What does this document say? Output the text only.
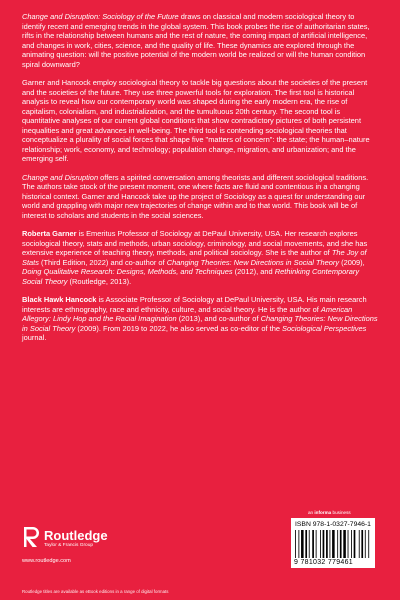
Change and Disruption: Sociology of the Future draws on classical and modern sociological theory to identify recent and emerging trends in the global system. This book probes the rise of authoritarian states, rifts in the relationship between humans and the rest of nature, the coming impact of artificial intelligence, and changes in work, cities, science, and the quality of life. These dynamics are explored through the animating question: will the positive potential of the modern world be realized or will the human condition spiral downward?

Garner and Hancock employ sociological theory to tackle big questions about the societies of the present and the societies of the future. They use three powerful tools for exploration. The first tool is historical analysis to reveal how our contemporary world was shaped during the early modern era, the rise of capitalism, colonialism, and industrialization, and the tumultuous 20th century. The second tool is quantitative analyses of our current global conditions that show contradictory pictures of both persistent inequalities and great advances in well-being. The third tool is contending sociological theories that conceptualize a plurality of social forces that shape five "matters of concern": the state; the human–nature relationship; work, economy, and technology; population change, migration, and urbanization; and the emerging self.

Change and Disruption offers a spirited conversation among theorists and different sociological traditions. The authors take stock of the present moment, one where facts are fluid and contentious in a changing historical context. Garner and Hancock take up the project of Sociology as a quest for understanding our world and grappling with major new trajectories of change within and to that world. This book will be of interest to scholars and students in the social sciences.

Roberta Garner is Emeritus Professor of Sociology at DePaul University, USA. Her research explores sociological theory, stats and methods, urban sociology, criminology, and social movements, and she has extensive experience of teaching theory, methods, and political sociology. She is the author of The Joy of Stats (Third Edition, 2022) and co-author of Changing Theories: New Directions in Social Theory (2009), Doing Qualitative Research: Designs, Methods, and Techniques (2012), and Rethinking Contemporary Social Theory (Routledge, 2013).

Black Hawk Hancock is Associate Professor of Sociology at DePaul University, USA. His main research interests are ethnography, race and ethnicity, culture, and social theory. He is the author of American Allegory: Lindy Hop and the Racial Imagination (2013), and co-author of Changing Theories: New Directions in Social Theory (2009). From 2019 to 2022, he also served as co-editor of the Sociological Perspectives journal.

Routledge
Taylor & Francis Group
www.routledge.com
Routledge titles are available as eBook editions in a range of digital formats
an informa business
ISBN 978-1-0327-7946-1
9 781032 779461
